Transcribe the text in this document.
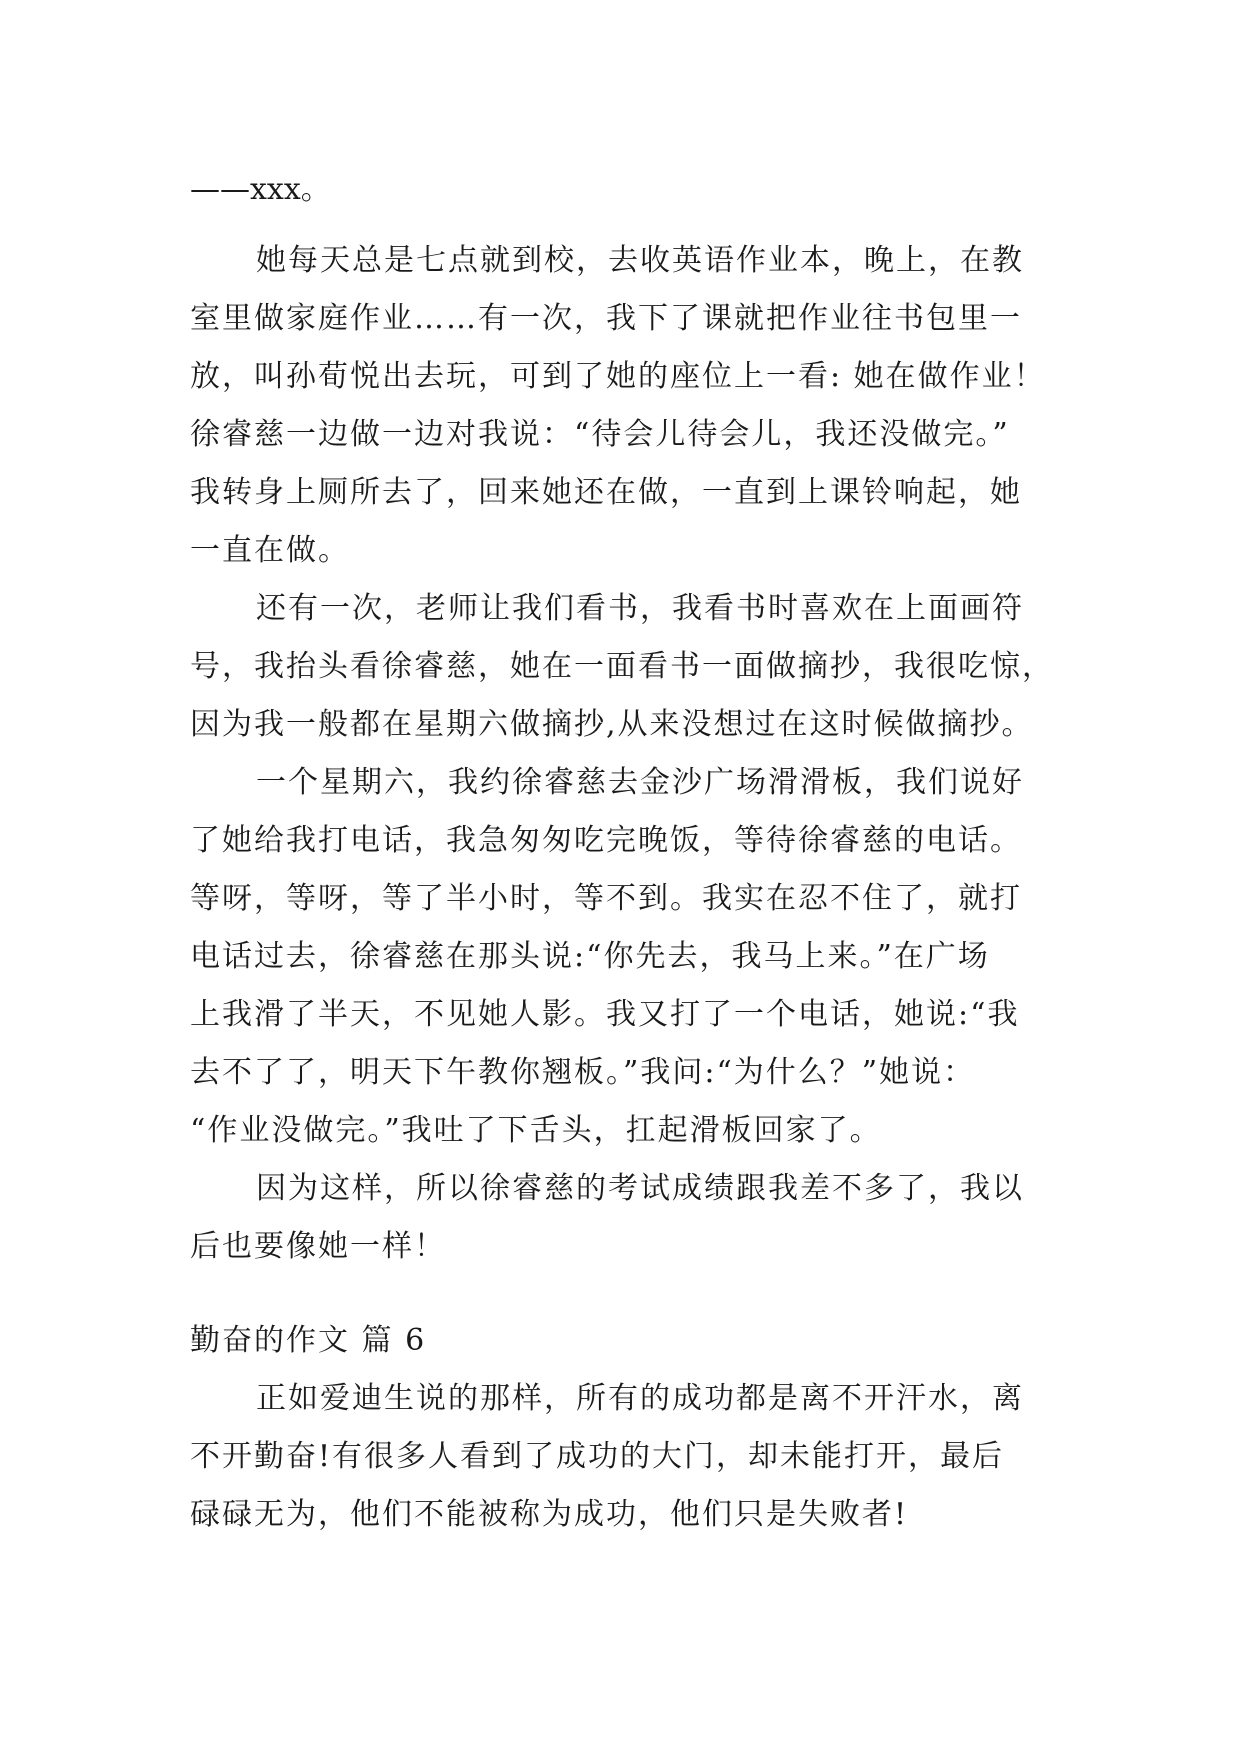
——xxx。
她每天总是七点就到校，去收英语作业本，晚上，在教
室里做家庭作业……有一次，我下了课就把作业往书包里一
放，叫孙荀悦出去玩，可到了她的座位上一看: 她在做作业！
徐睿慈一边做一边对我说：“待会儿待会儿，我还没做完。”
我转身上厕所去了，回来她还在做，一直到上课铃响起，她
一直在做。
还有一次，老师让我们看书，我看书时喜欢在上面画符
号，我抬头看徐睿慈，她在一面看书一面做摘抄，我很吃惊，
因为我一般都在星期六做摘抄,从来没想过在这时候做摘抄。
一个星期六，我约徐睿慈去金沙广场滑滑板，我们说好
了她给我打电话，我急匆匆吃完晚饭，等待徐睿慈的电话。
等呀，等呀，等了半小时，等不到。我实在忍不住了，就打
电话过去，徐睿慈在那头说:“你先去，我马上来。”在广场
上我滑了半天，不见她人影。我又打了一个电话，她说:“我
去不了了，明天下午教你翘板。”我问:“为什么？”她说：
“作业没做完。”我吐了下舌头，扛起滑板回家了。
因为这样，所以徐睿慈的考试成绩跟我差不多了，我以
后也要像她一样！
勤奋的作文 篇 6
正如爱迪生说的那样，所有的成功都是离不开汗水，离
不开勤奋!有很多人看到了成功的大门，却未能打开，最后
碌碌无为，他们不能被称为成功，他们只是失败者!
